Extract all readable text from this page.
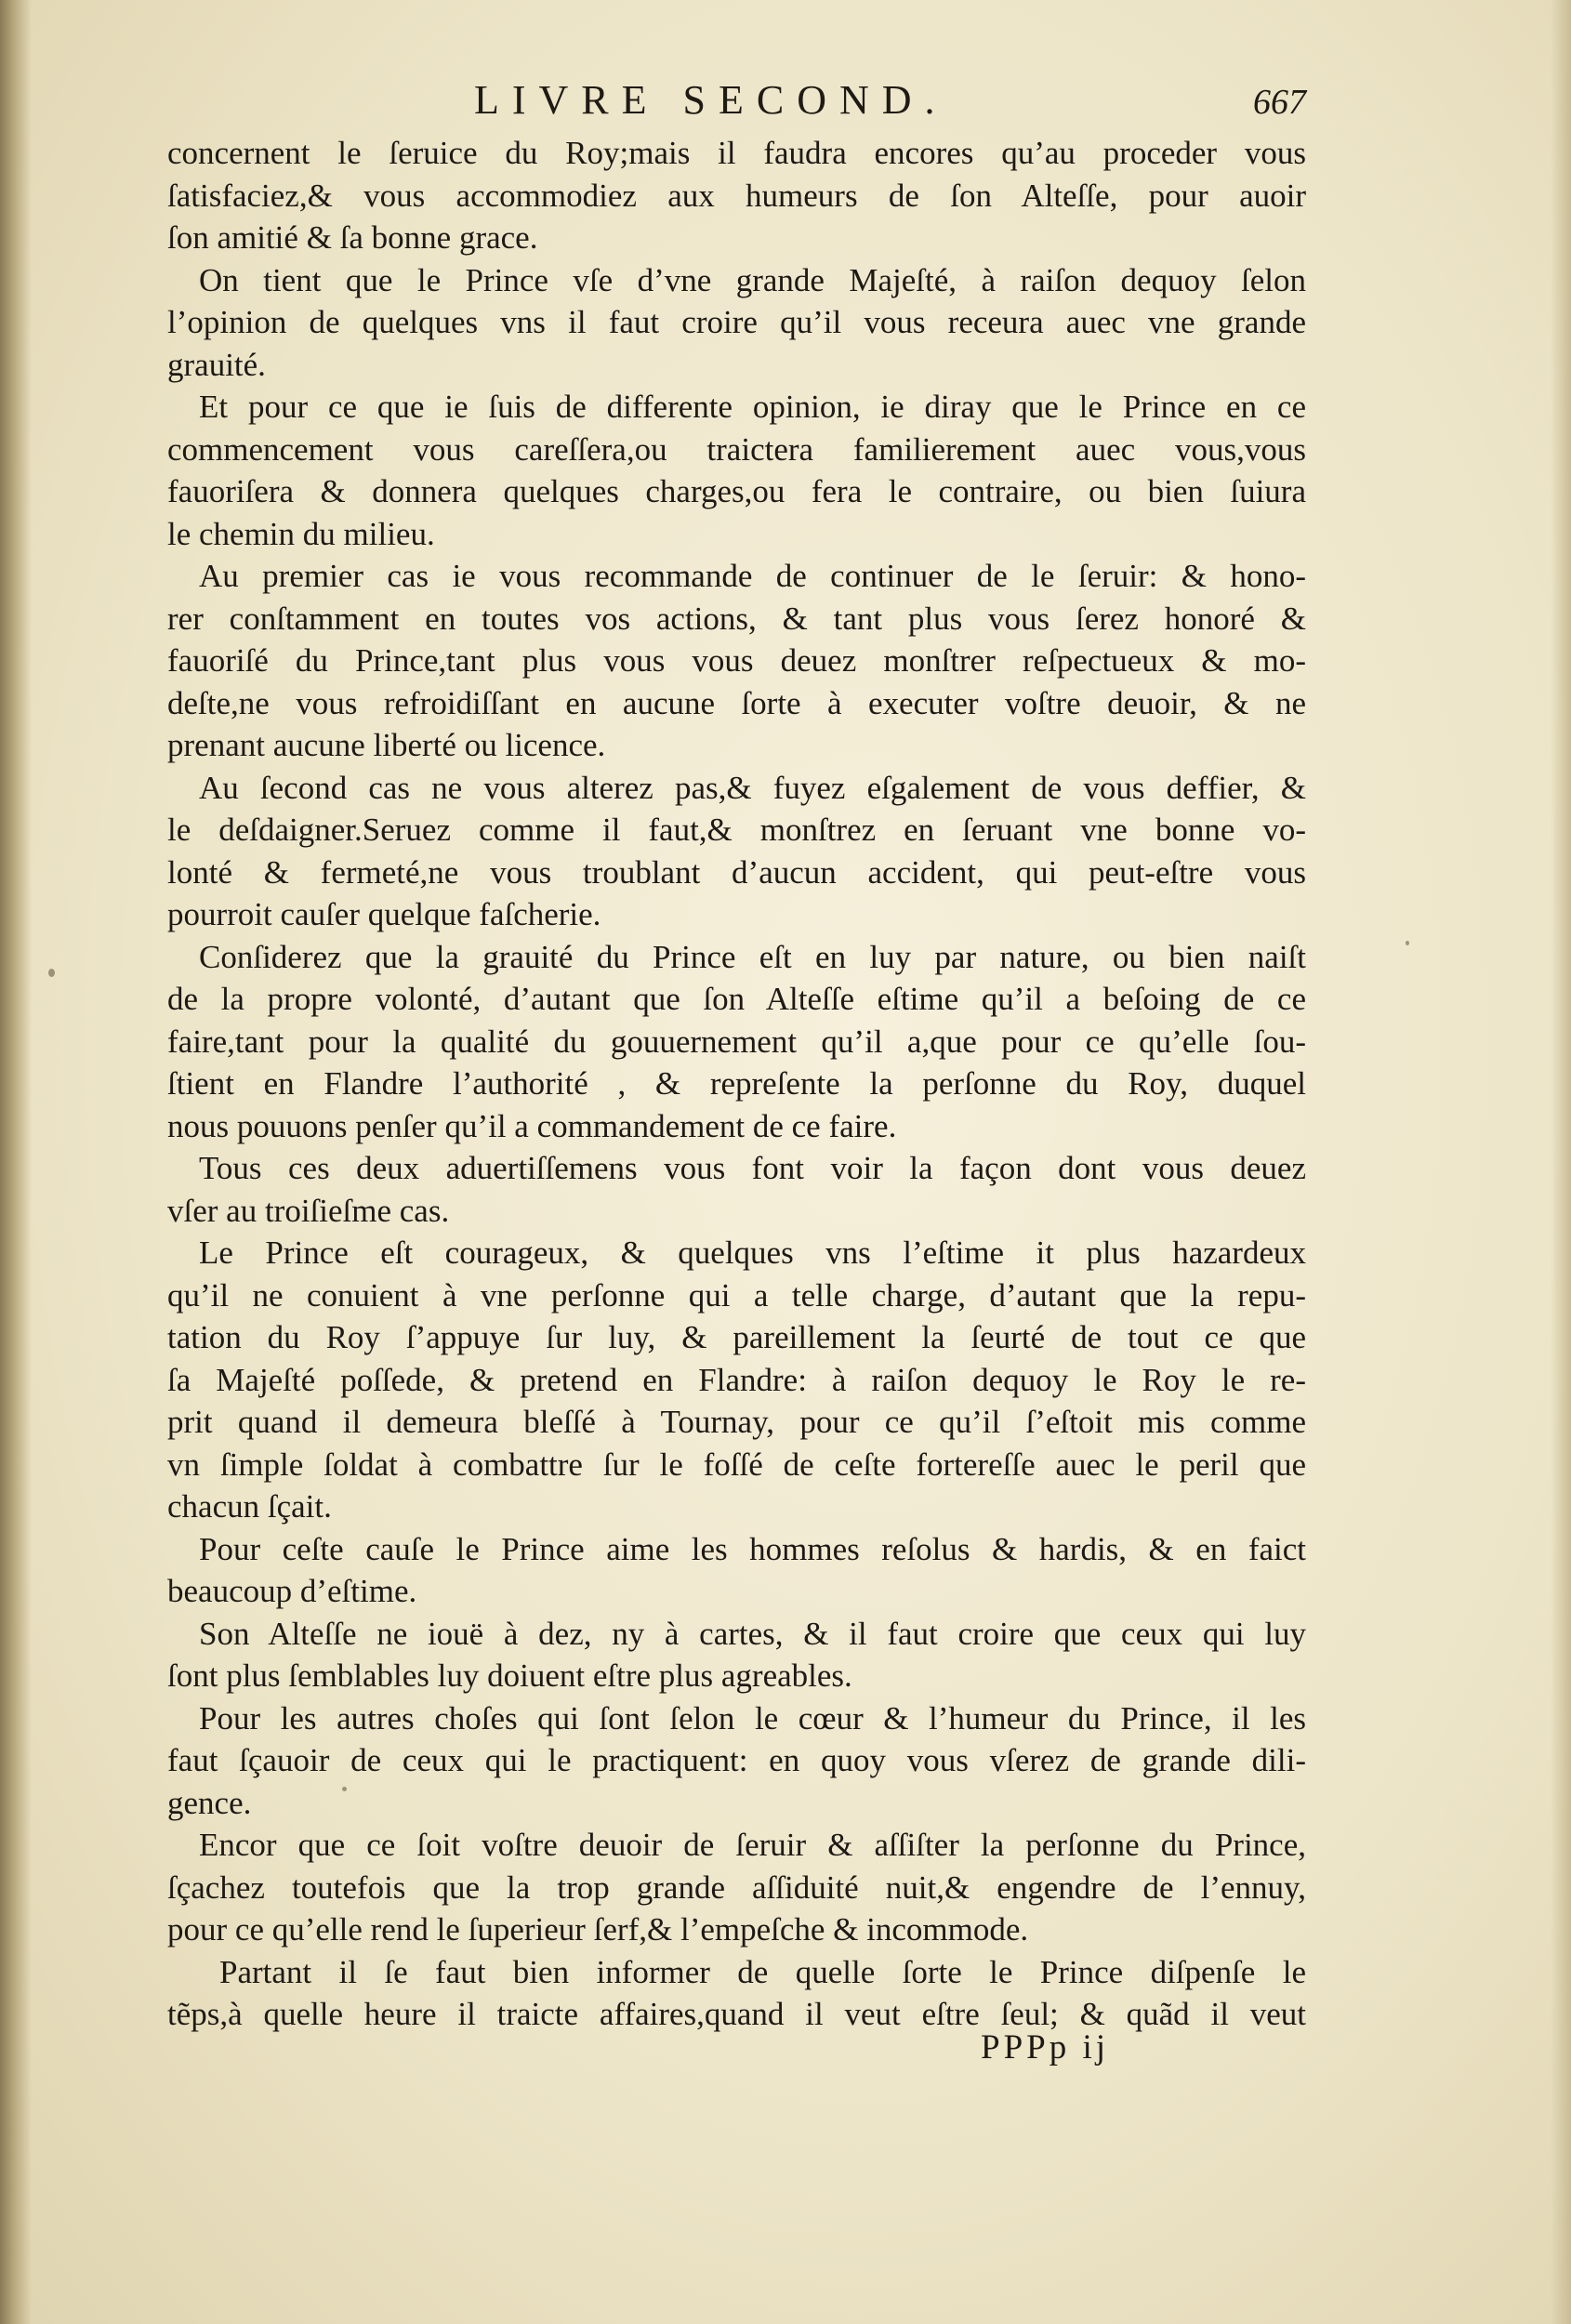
LIVRE SECOND.	667
concernent le ſeruice du Roy;mais il faudra encores qu’au proceder vous
ſatisfaciez,& vous accommodiez aux humeurs de ſon Alteſſe, pour auoir
ſon amitié & ſa bonne grace.
On tient que le Prince vſe d’vne grande Majeſté, à raiſon dequoy ſelon
l’opinion de quelques vns il faut croire qu’il vous receura auec vne grande
grauité.
Et pour ce que ie ſuis de differente opinion, ie diray que le Prince en ce
commencement vous careſſera,ou traictera familierement auec vous,vous
fauoriſera & donnera quelques charges,ou fera le contraire, ou bien ſuiura
le chemin du milieu.
Au premier cas ie vous recommande de continuer de le ſeruir: & hono-
rer conſtamment en toutes vos actions, & tant plus vous ſerez honoré &
fauoriſé du Prince,tant plus vous vous deuez monſtrer reſpectueux & mo-
deſte,ne vous refroidiſſant en aucune ſorte à executer voſtre deuoir, & ne
prenant aucune liberté ou licence.
Au ſecond cas ne vous alterez pas,& fuyez eſgalement de vous deffier, &
le deſdaigner.Seruez comme il faut,& monſtrez en ſeruant vne bonne vo-
lonté & fermeté,ne vous troublant d’aucun accident, qui peut-eſtre vous
pourroit cauſer quelque faſcherie.
Conſiderez que la grauité du Prince eſt en luy par nature, ou bien naiſt
de la propre volonté, d’autant que ſon Alteſſe eſtime qu’il a beſoing de ce
faire,tant pour la qualité du gouuernement qu’il a,que pour ce qu’elle ſou-
ſtient en Flandre l’authorité , & repreſente la perſonne du Roy, duquel
nous pouuons penſer qu’il a commandement de ce faire.
Tous ces deux aduertiſſemens vous font voir la façon dont vous deuez
vſer au troiſieſme cas.
Le Prince eſt courageux, & quelques vns l’eſtime it plus hazardeux
qu’il ne conuient à vne perſonne qui a telle charge, d’autant que la repu-
tation du Roy ſ’appuye ſur luy, & pareillement la ſeurté de tout ce que
ſa Majeſté poſſede, & pretend en Flandre: à raiſon dequoy le Roy le re-
prit quand il demeura bleſſé à Tournay, pour ce qu’il ſ’eſtoit mis comme
vn ſimple ſoldat à combattre ſur le foſſé de ceſte fortereſſe auec le peril que
chacun ſçait.
Pour ceſte cauſe le Prince aime les hommes reſolus & hardis, & en faict
beaucoup d’eſtime.
Son Alteſſe ne iouë à dez, ny à cartes, & il faut croire que ceux qui luy
ſont plus ſemblables luy doiuent eſtre plus agreables.
Pour les autres choſes qui ſont ſelon le cœur & l’humeur du Prince, il les
faut ſçauoir de ceux qui le practiquent: en quoy vous vſerez de grande dili-
gence.
Encor que ce ſoit voſtre deuoir de ſeruir & aſſiſter la perſonne du Prince,
ſçachez toutefois que la trop grande aſſiduité nuit,& engendre de l’ennuy,
pour ce qu’elle rend le ſuperieur ſerf,& l’empeſche & incommode.
Partant il ſe faut bien informer de quelle ſorte le Prince diſpenſe le
tẽps,à quelle heure il traicte affaires,quand il veut eſtre ſeul; & quãd il veut
PPPp ij
